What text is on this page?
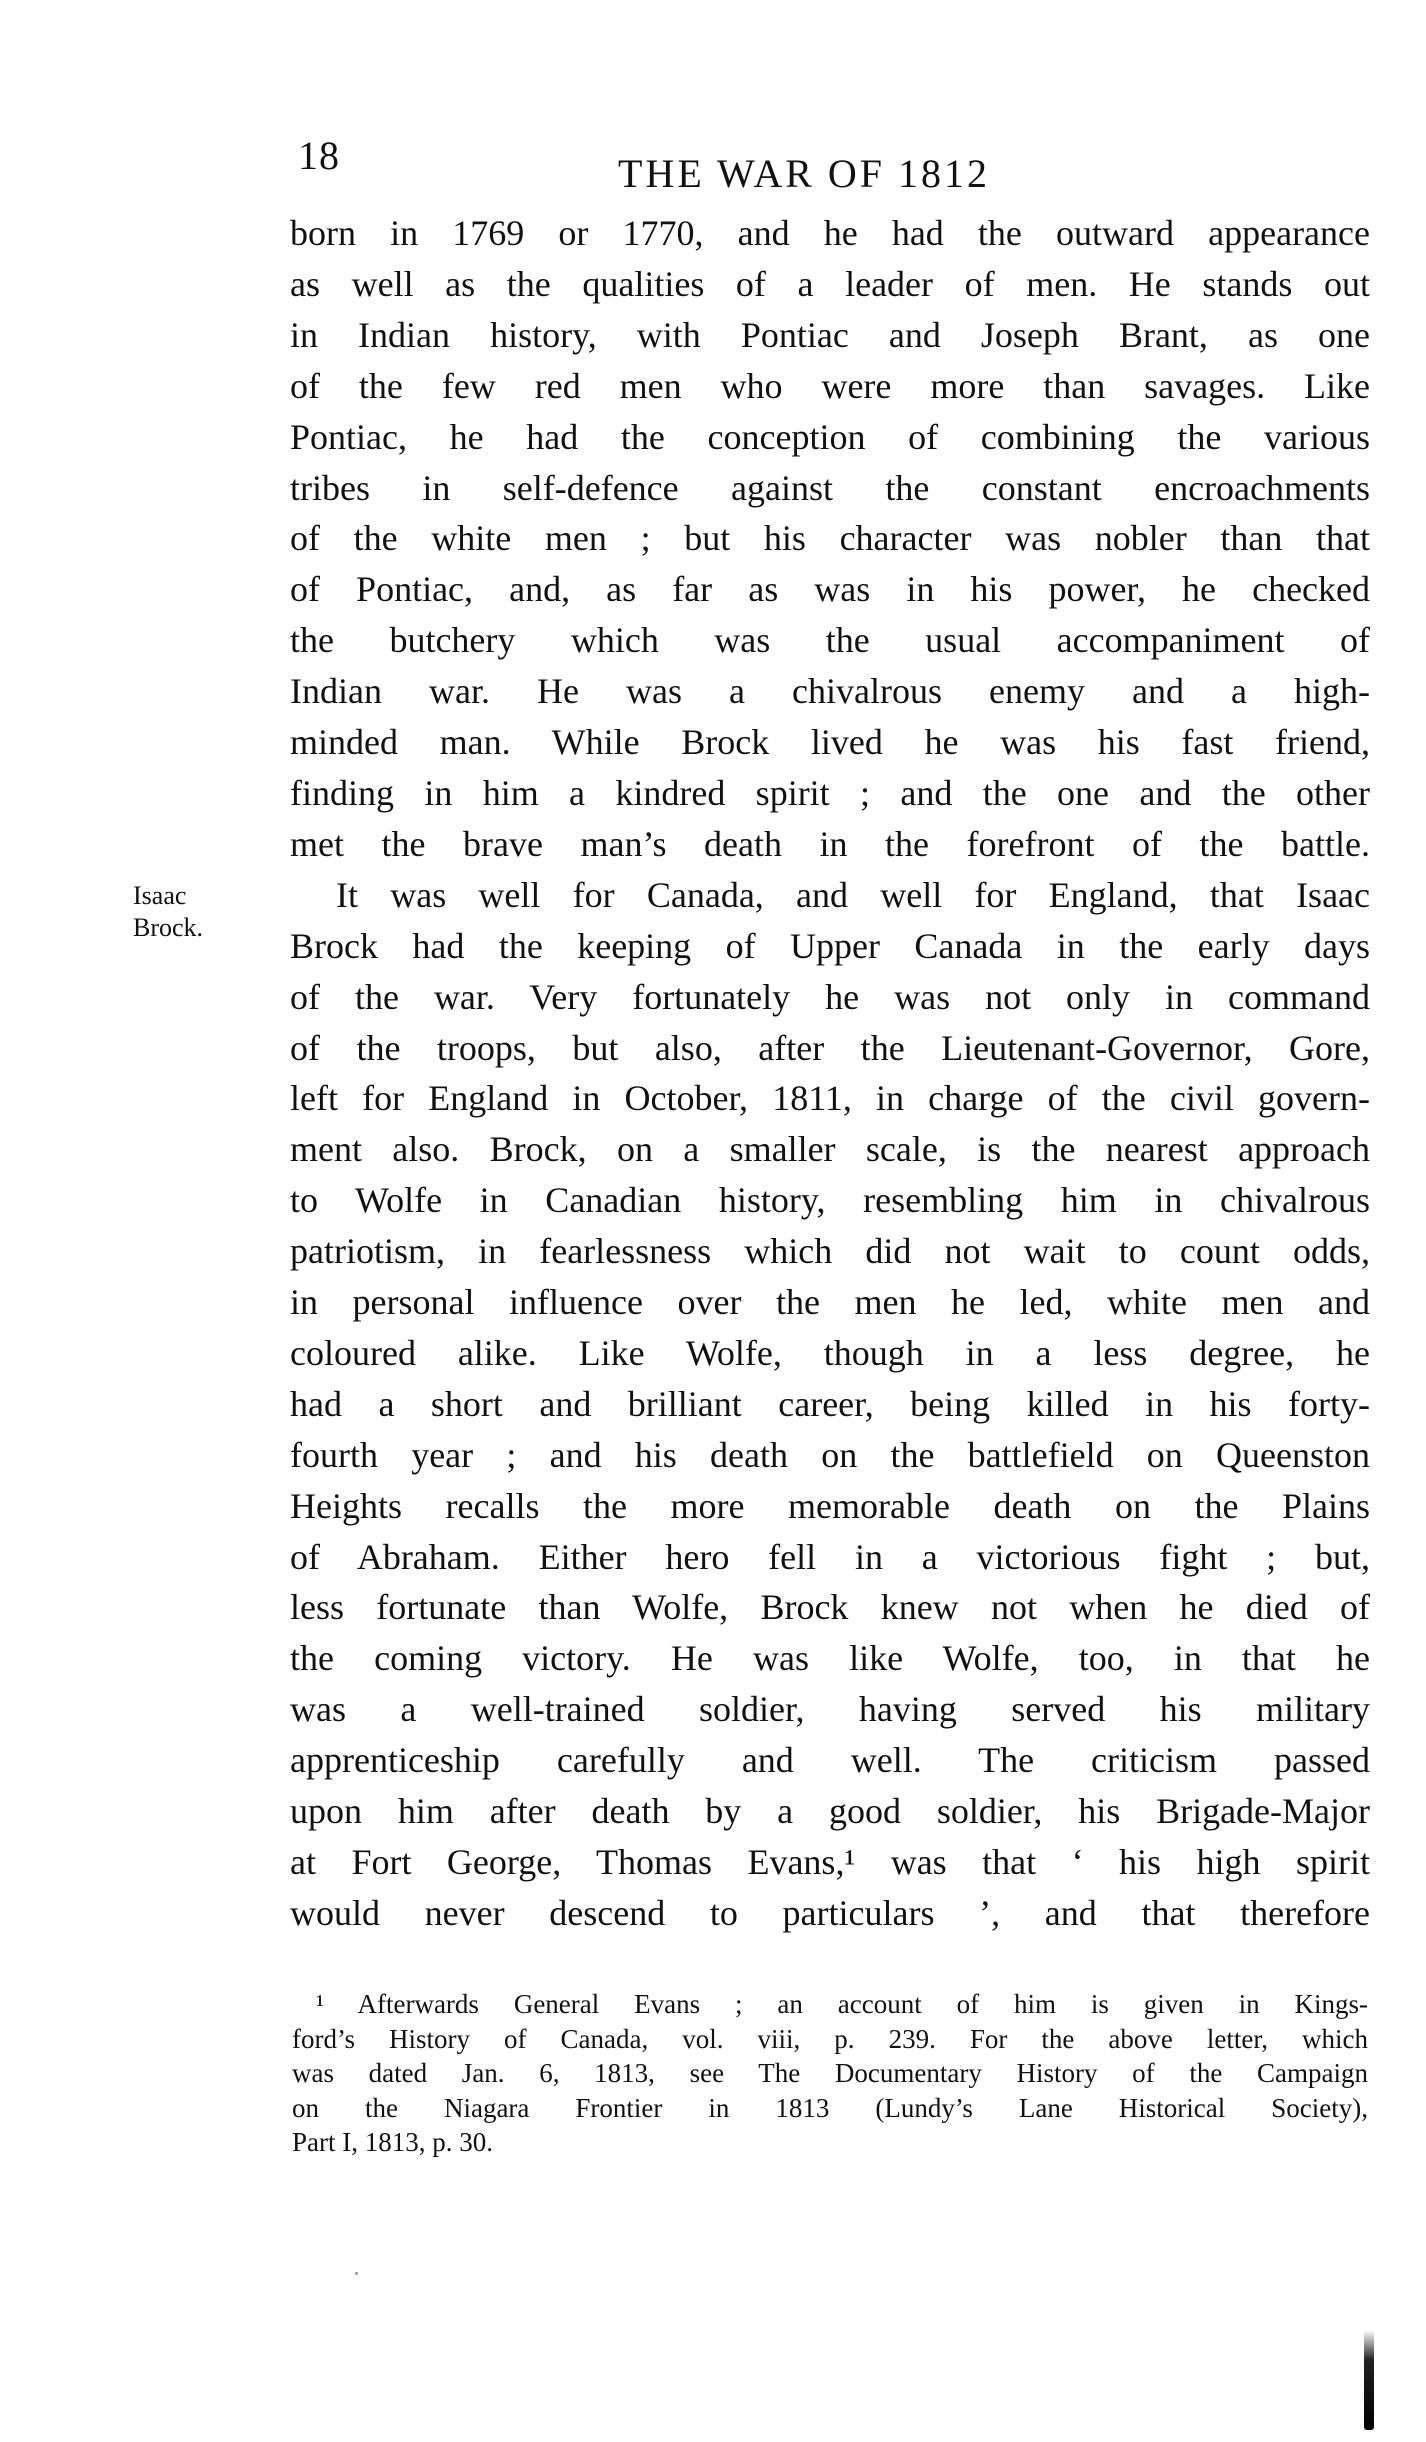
18	THE WAR OF 1812
Isaac
Brock.
born in 1769 or 1770, and he had the outward appearance
as well as the qualities of a leader of men. He stands out
in Indian history, with Pontiac and Joseph Brant, as one
of the few red men who were more than savages. Like
Pontiac, he had the conception of combining the various
tribes in self-defence against the constant encroachments
of the white men ; but his character was nobler than that
of Pontiac, and, as far as was in his power, he checked
the butchery which was the usual accompaniment of
Indian war. He was a chivalrous enemy and a high-
minded man. While Brock lived he was his fast friend,
finding in him a kindred spirit ; and the one and the other
met the brave man’s death in the forefront of the battle.
It was well for Canada, and well for England, that Isaac
Brock had the keeping of Upper Canada in the early days
of the war. Very fortunately he was not only in command
of the troops, but also, after the Lieutenant-Governor, Gore,
left for England in October, 1811, in charge of the civil govern-
ment also. Brock, on a smaller scale, is the nearest approach
to Wolfe in Canadian history, resembling him in chivalrous
patriotism, in fearlessness which did not wait to count odds,
in personal influence over the men he led, white men and
coloured alike. Like Wolfe, though in a less degree, he
had a short and brilliant career, being killed in his forty-
fourth year ; and his death on the battlefield on Queenston
Heights recalls the more memorable death on the Plains
of Abraham. Either hero fell in a victorious fight ; but,
less fortunate than Wolfe, Brock knew not when he died of
the coming victory. He was like Wolfe, too, in that he
was a well-trained soldier, having served his military
apprenticeship carefully and well. The criticism passed
upon him after death by a good soldier, his Brigade-Major
at Fort George, Thomas Evans,¹ was that ‘ his high spirit
would never descend to particulars ’, and that therefore
¹ Afterwards General Evans ; an account of him is given in Kings-
ford’s History of Canada, vol. viii, p. 239. For the above letter, which
was dated Jan. 6, 1813, see The Documentary History of the Campaign
on the Niagara Frontier in 1813 (Lundy’s Lane Historical Society),
Part I, 1813, p. 30.
